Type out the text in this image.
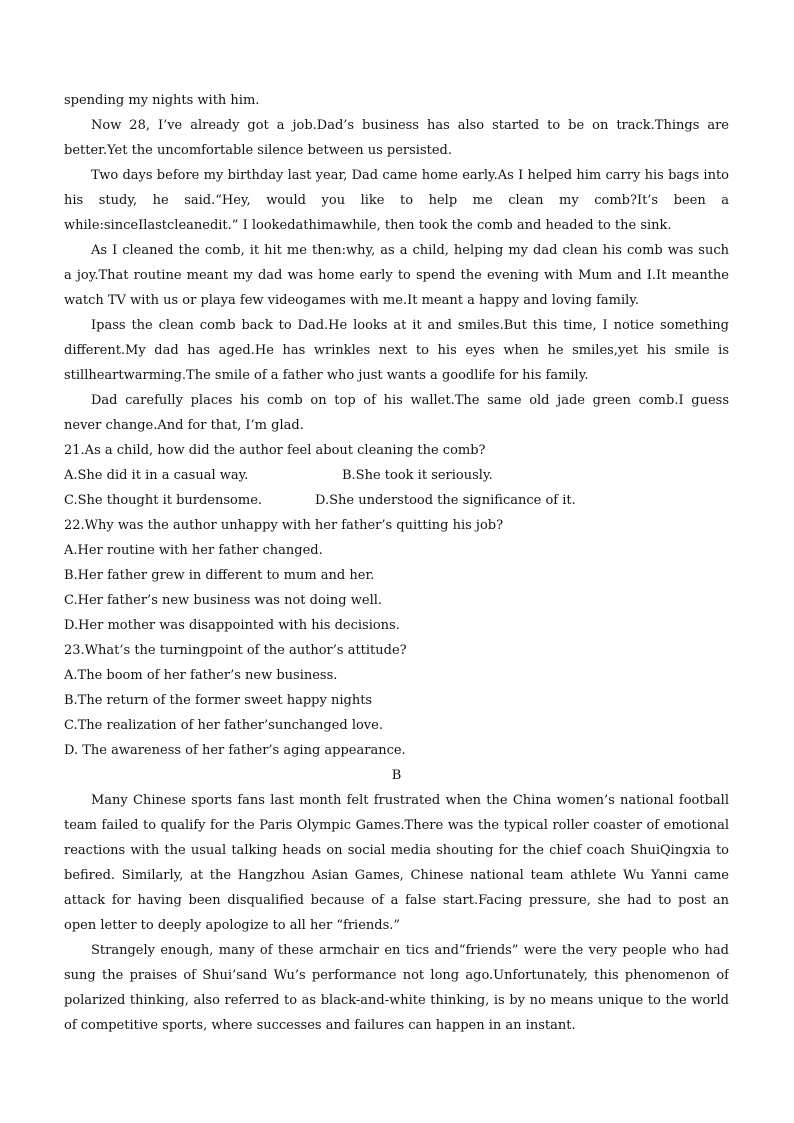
spending my nights with him.
Now 28, I’ve already got a job.Dad’s business has also started to be on track.Things are
better.Yet the uncomfortable silence between us persisted.
Two days before my birthday last year, Dad came home early.As I helped him carry his bags into
his study, he said.“Hey, would you like to help me clean my comb?It’s been a
while:sinceIlastcleanedit.” I lookedathimawhile, then took the comb and headed to the sink.
As I cleaned the comb, it hit me then:why, as a child, helping my dad clean his comb was such
a joy.That routine meant my dad was home early to spend the evening with Mum and I.It meanthe
watch TV with us or playa few videogames with me.It meant a happy and loving family.
Ipass the clean comb back to Dad.He looks at it and smiles.But this time, I notice something
different.My dad has aged.He has wrinkles next to his eyes when he smiles,yet his smile is
stillheartwarming.The smile of a father who just wants a goodlife for his family.
Dad carefully places his comb on top of his wallet.The same old jade green comb.I guess
never change.And for that, I’m glad.
21.As a child, how did the author feel about cleaning the comb?
A.She did it in a casual way.	B.She took it seriously.
C.She thought it burdensome.	D.She understood the significance of it.
22.Why was the author unhappy with her father’s quitting his job?
A.Her routine with her father changed.
B.Her father grew in different to mum and her.
C.Her father’s new business was not doing well.
D.Her mother was disappointed with his decisions.
23.What’s the turningpoint of the author’s attitude?
A.The boom of her father’s new business.
B.The return of the former sweet happy nights
C.The realization of her father’sunchanged love.
D. The awareness of her father’s aging appearance.
B
Many Chinese sports fans last month felt frustrated when the China women’s national football
team failed to qualify for the Paris Olympic Games.There was the typical roller coaster of emotional
reactions with the usual talking heads on social media shouting for the chief coach ShuiQingxia to
befired. Similarly, at the Hangzhou Asian Games, Chinese national team athlete Wu Yanni came
attack for having been disqualified because of a false start.Facing pressure, she had to post an
open letter to deeply apologize to all her “friends.”
Strangely enough, many of these armchair en tics and“friends” were the very people who had
sung the praises of Shui’sand Wu’s performance not long ago.Unfortunately, this phenomenon of
polarized thinking, also referred to as black-and-white thinking, is by no means unique to the world
of competitive sports, where successes and failures can happen in an instant.
